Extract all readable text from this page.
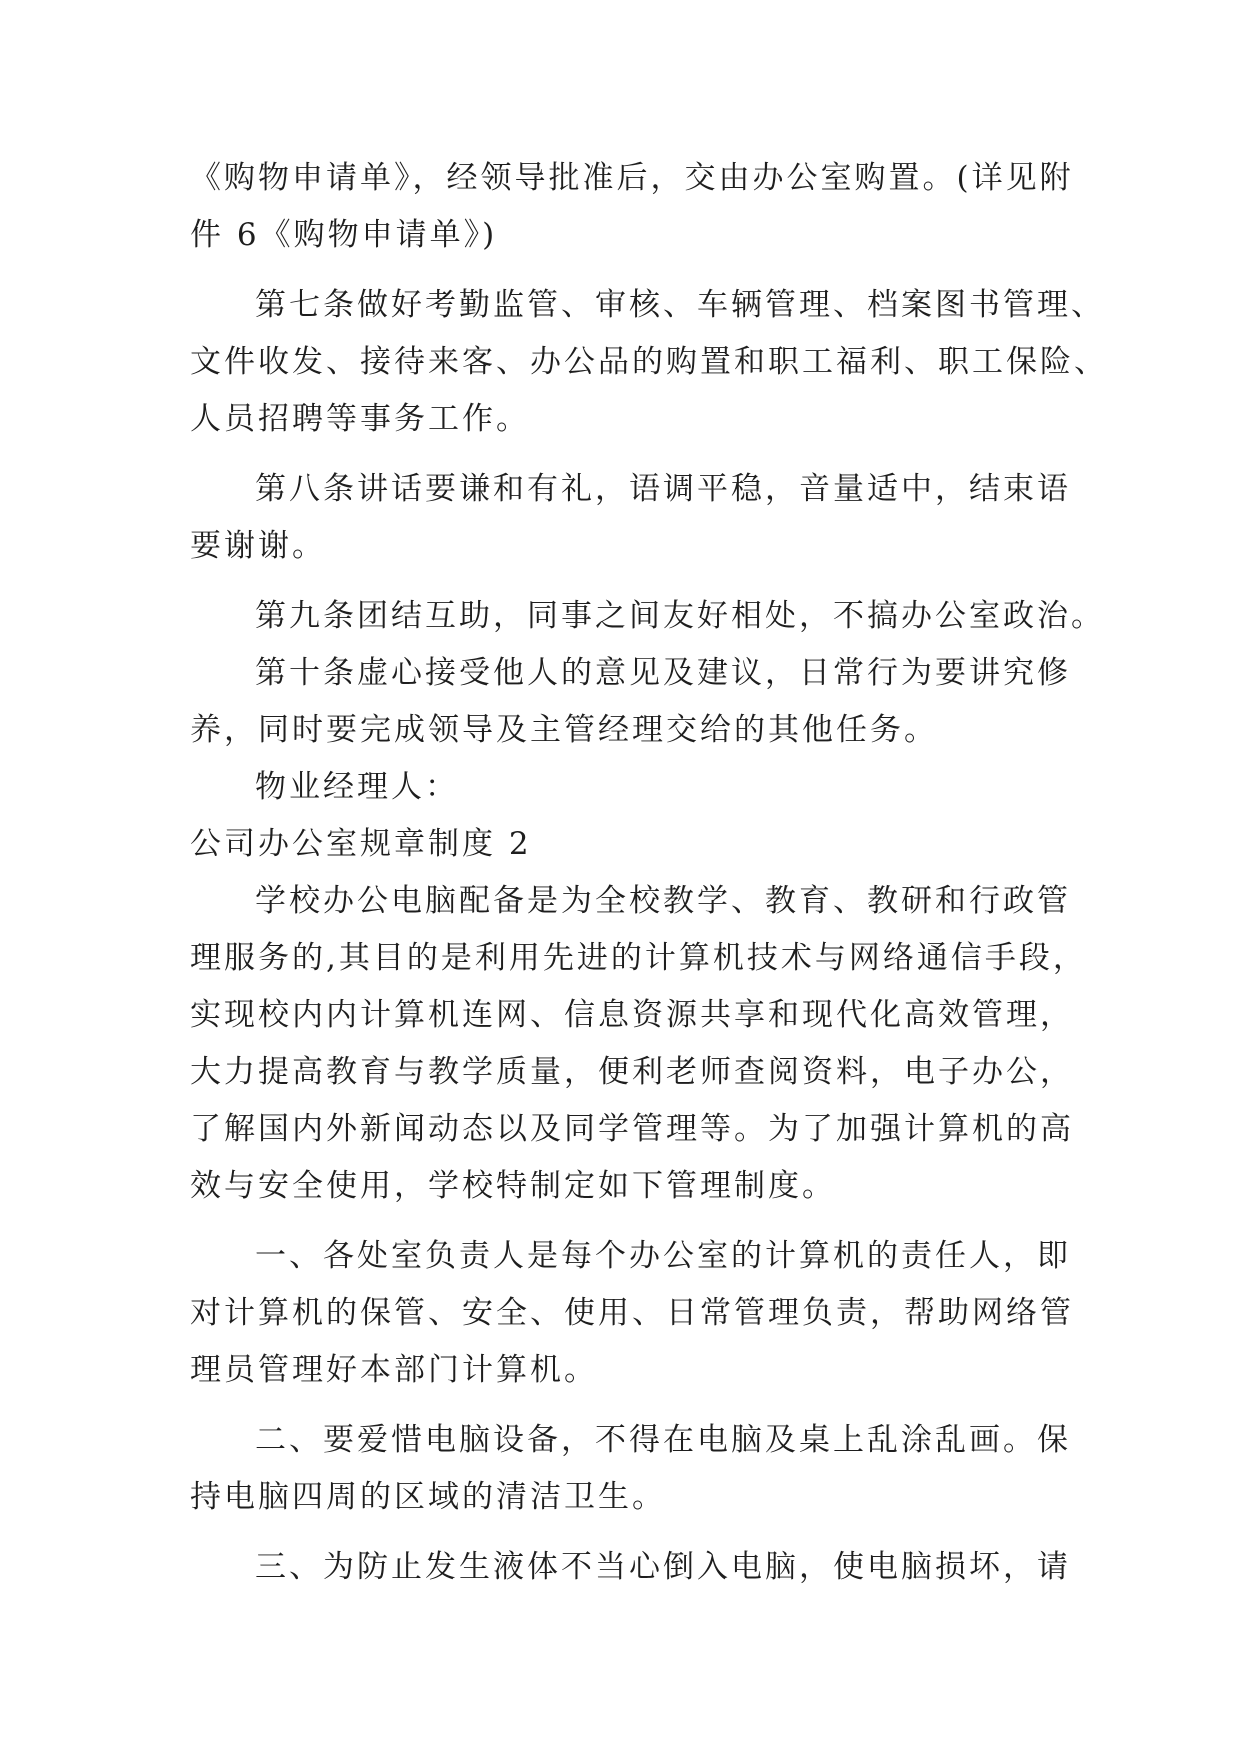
《购物申请单》，经领导批准后，交由办公室购置。(详见附
件 6《购物申请单》)
第七条做好考勤监管、审核、车辆管理、档案图书管理、
文件收发、接待来客、办公品的购置和职工福利、职工保险、
人员招聘等事务工作。
第八条讲话要谦和有礼，语调平稳，音量适中，结束语
要谢谢。
第九条团结互助，同事之间友好相处，不搞办公室政治。
第十条虚心接受他人的意见及建议，日常行为要讲究修
养，同时要完成领导及主管经理交给的其他任务。
物业经理人：
公司办公室规章制度 2
学校办公电脑配备是为全校教学、教育、教研和行政管
理服务的,其目的是利用先进的计算机技术与网络通信手段，
实现校内内计算机连网、信息资源共享和现代化高效管理，
大力提高教育与教学质量，便利老师查阅资料，电子办公，
了解国内外新闻动态以及同学管理等。为了加强计算机的高
效与安全使用，学校特制定如下管理制度。
一、各处室负责人是每个办公室的计算机的责任人，即
对计算机的保管、安全、使用、日常管理负责，帮助网络管
理员管理好本部门计算机。
二、要爱惜电脑设备，不得在电脑及桌上乱涂乱画。保
持电脑四周的区域的清洁卫生。
三、为防止发生液体不当心倒入电脑，使电脑损坏，请
